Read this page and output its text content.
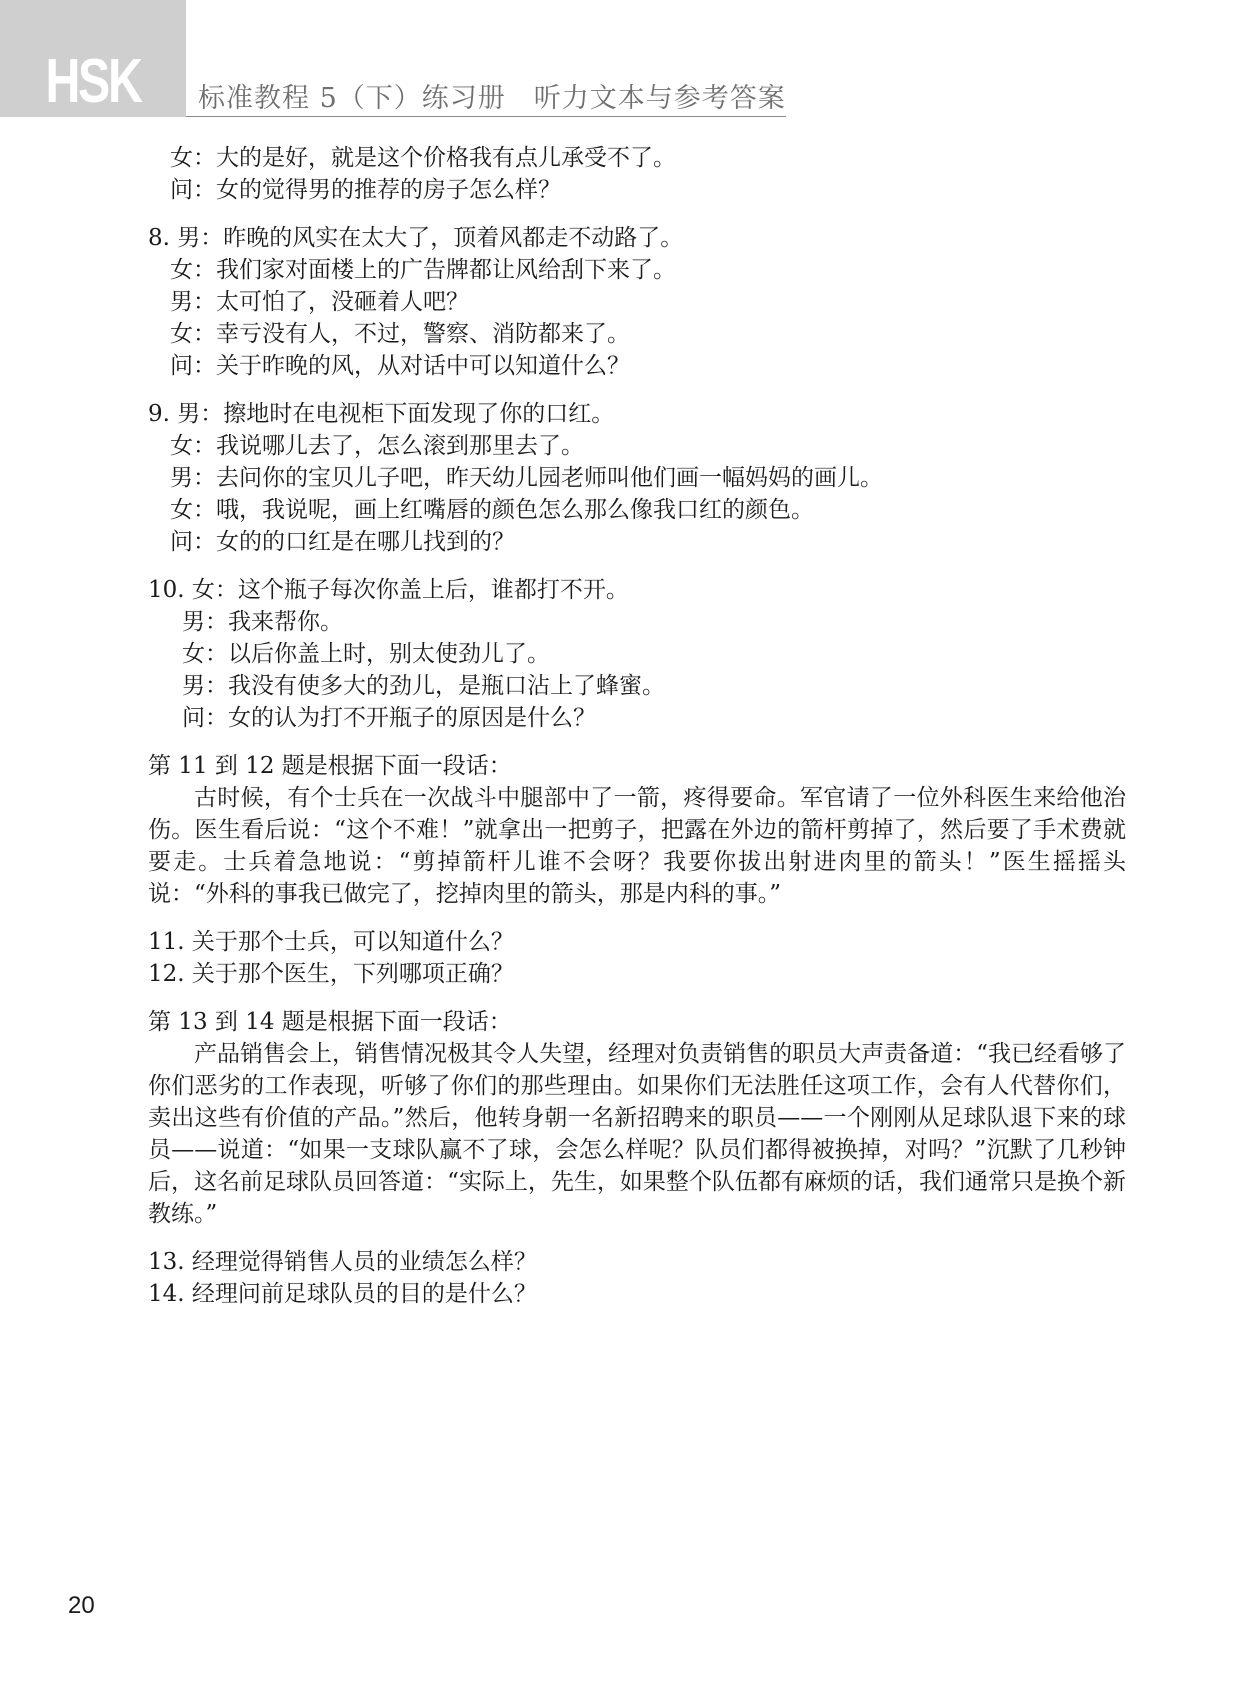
HSK	标准教程 5（下）练习册　听力文本与参考答案
女：大的是好，就是这个价格我有点儿承受不了。
问：女的觉得男的推荐的房子怎么样？
8. 男：昨晚的风实在太大了，顶着风都走不动路了。
女：我们家对面楼上的广告牌都让风给刮下来了。
男：太可怕了，没砸着人吧？
女：幸亏没有人，不过，警察、消防都来了。
问：关于昨晚的风，从对话中可以知道什么？
9. 男：擦地时在电视柜下面发现了你的口红。
女：我说哪儿去了，怎么滚到那里去了。
男：去问你的宝贝儿子吧，昨天幼儿园老师叫他们画一幅妈妈的画儿。
女：哦，我说呢，画上红嘴唇的颜色怎么那么像我口红的颜色。
问：女的的口红是在哪儿找到的？
10. 女：这个瓶子每次你盖上后，谁都打不开。
男：我来帮你。
女：以后你盖上时，别太使劲儿了。
男：我没有使多大的劲儿，是瓶口沾上了蜂蜜。
问：女的认为打不开瓶子的原因是什么？
第 11 到 12 题是根据下面一段话：
古时候，有个士兵在一次战斗中腿部中了一箭，疼得要命。军官请了一位外科医生来给他治伤。医生看后说：“这个不难！”就拿出一把剪子，把露在外边的箭杆剪掉了，然后要了手术费就要走。士兵着急地说：“剪掉箭杆儿谁不会呀？我要你拔出射进肉里的箭头！”医生摇摇头说：“外科的事我已做完了，挖掉肉里的箭头，那是内科的事。”
11. 关于那个士兵，可以知道什么？
12. 关于那个医生，下列哪项正确？
第 13 到 14 题是根据下面一段话：
产品销售会上，销售情况极其令人失望，经理对负责销售的职员大声责备道：“我已经看够了你们恶劣的工作表现，听够了你们的那些理由。如果你们无法胜任这项工作，会有人代替你们，卖出这些有价值的产品。”然后，他转身朝一名新招聘来的职员——一个刚刚从足球队退下来的球员——说道：“如果一支球队赢不了球，会怎么样呢？队员们都得被换掉，对吗？”沉默了几秒钟后，这名前足球队员回答道：“实际上，先生，如果整个队伍都有麻烦的话，我们通常只是换个新教练。”
13. 经理觉得销售人员的业绩怎么样？
14. 经理问前足球队员的目的是什么？
20
